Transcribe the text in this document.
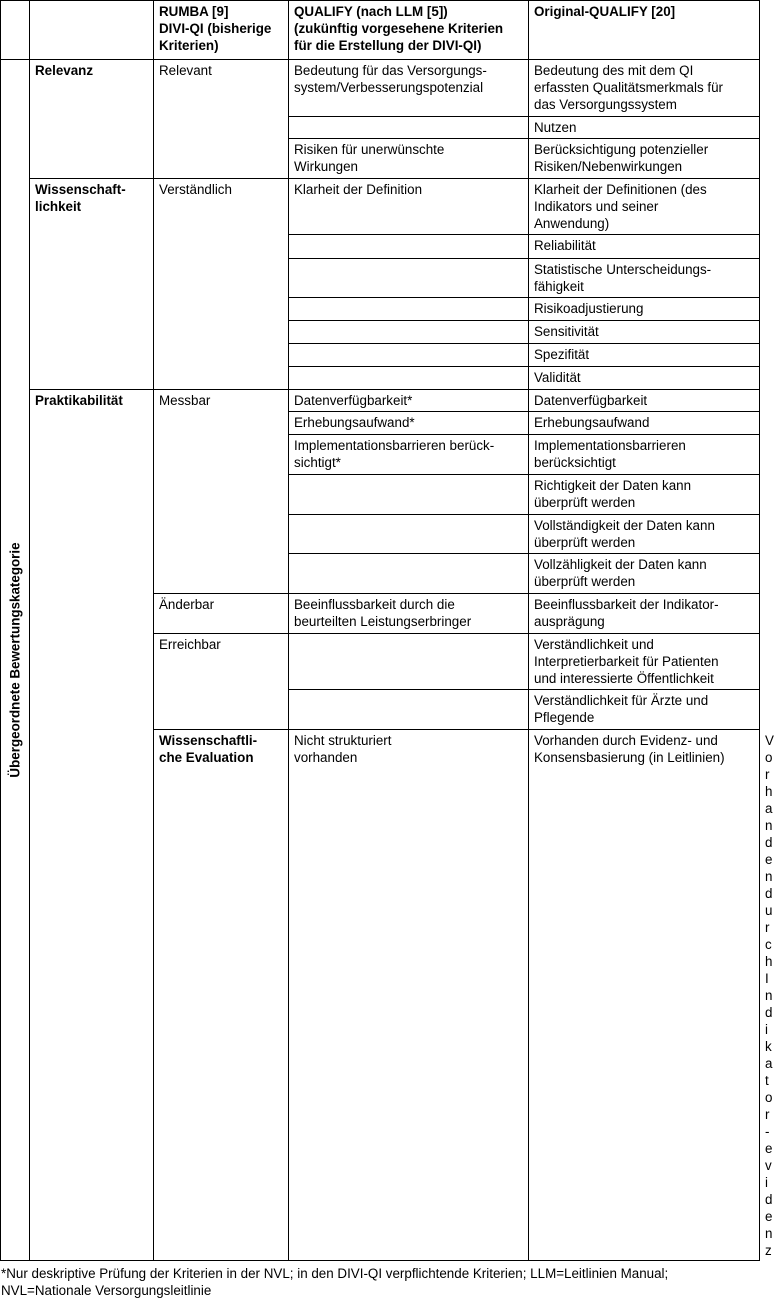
		RUMBA [9]
DIVI-QI (bisherige
Kriterien)	QUALIFY (nach LLM [5])
(zukünftig vorgesehene Kriterien
für die Erstellung der DIVI-QI)	Original-QUALIFY [20]	

Übergeordnete Bewertungskategorie	Relevanz	Relevant	Bedeutung für das Versorgungs-
system/Verbesserungspotenzial	Bedeutung des mit dem QI
erfassten Qualitätsmerkmals für
das Versorgungssystem	
				Nutzen	
			Risiken für unerwünschte
Wirkungen	Berücksichtigung potenzieller
Risiken/Nebenwirkungen	
	Wissenschaft-
lichkeit	Verständlich	Klarheit der Definition	Klarheit der Definitionen (des
Indikators und seiner
Anwendung)	
				Reliabilität	
				Statistische Unterscheidungs-
fähigkeit	
				Risikoadjustierung	
				Sensitivität	
				Spezifität	
				Validität	
	Praktikabilität	Messbar	Datenverfügbarkeit*	Datenverfügbarkeit	
			Erhebungsaufwand*	Erhebungsaufwand	
			Implementationsbarrieren berück-
sichtigt*	Implementationsbarrieren
berücksichtigt	
				Richtigkeit der Daten kann
überprüft werden	
				Vollständigkeit der Daten kann
überprüft werden	
				Vollzähligkeit der Daten kann
überprüft werden	
		Änderbar	Beeinflussbarkeit durch die
beurteilten Leistungserbringer	Beeinflussbarkeit der Indikator-
ausprägung	
		Erreichbar		Verständlichkeit und
Interpretierbarkeit für Patienten
und interessierte Öffentlichkeit	
				Verständlichkeit für Ärzte und
Pflegende	
		Wissenschaftli-
che Evaluation	Nicht strukturiert
vorhanden	Vorhanden durch Evidenz- und
Konsensbasierung (in Leitlinien)	Vorhanden durch Indikator-
evidenz
*Nur deskriptive Prüfung der Kriterien in der NVL; in den DIVI-QI verpflichtende Kriterien; LLM=Leitlinien Manual; NVL=Nationale Versorgungsleitlinie
